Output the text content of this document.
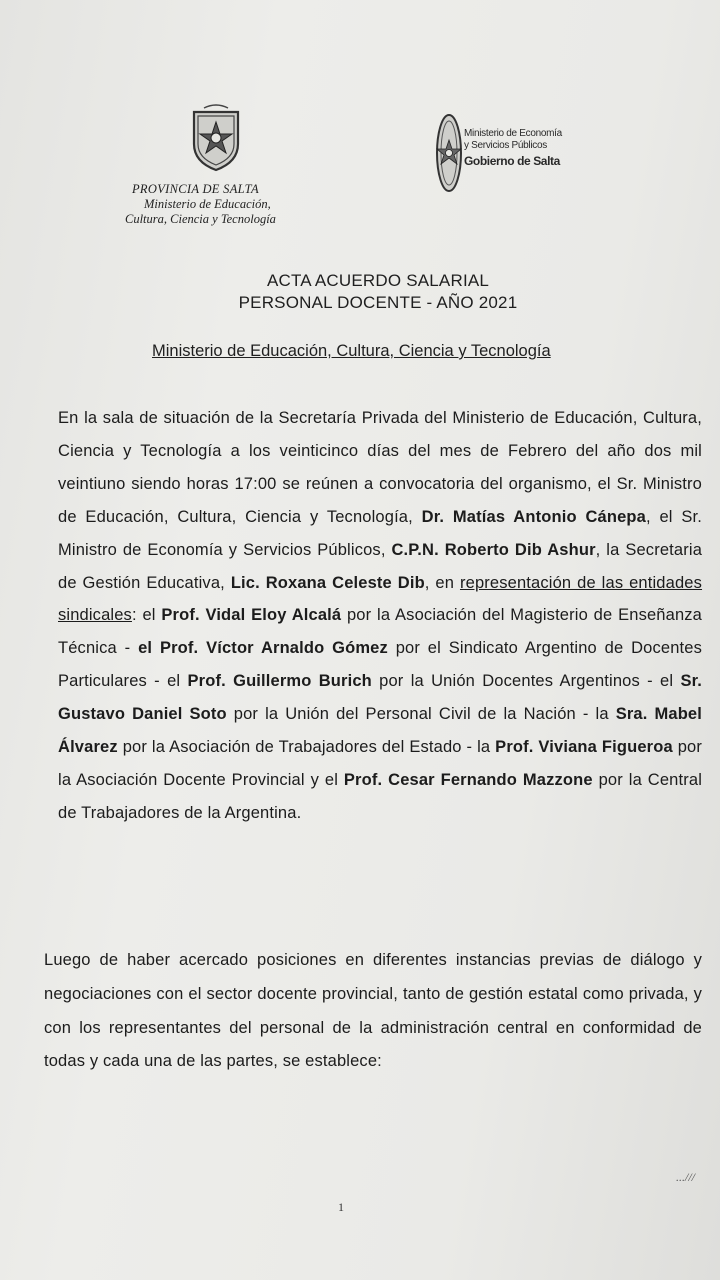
PROVINCIA DE SALTA
Ministerio de Educación,
Cultura, Ciencia y Tecnología
Ministerio de Economía
y Servicios Públicos
Gobierno de Salta
ACTA ACUERDO SALARIAL
PERSONAL DOCENTE - AÑO 2021
Ministerio de Educación, Cultura, Ciencia y Tecnología
En la sala de situación de la Secretaría Privada del Ministerio de Educación, Cultura, Ciencia y Tecnología a los veinticinco días del mes de Febrero del año dos mil veintiuno siendo horas 17:00 se reúnen a convocatoria del organismo, el Sr. Ministro de Educación, Cultura, Ciencia y Tecnología, Dr. Matías Antonio Cánepa, el Sr. Ministro de Economía y Servicios Públicos, C.P.N. Roberto Dib Ashur, la Secretaria de Gestión Educativa, Lic. Roxana Celeste Dib, en representación de las entidades sindicales: el Prof. Vidal Eloy Alcalá por la Asociación del Magisterio de Enseñanza Técnica - el Prof. Víctor Arnaldo Gómez por el Sindicato Argentino de Docentes Particulares - el Prof. Guillermo Burich por la Unión Docentes Argentinos - el Sr. Gustavo Daniel Soto por la Unión del Personal Civil de la Nación - la Sra. Mabel Álvarez por la Asociación de Trabajadores del Estado - la Prof. Viviana Figueroa por la Asociación Docente Provincial y el Prof. Cesar Fernando Mazzone por la Central de Trabajadores de la Argentina.
Luego de haber acercado posiciones en diferentes instancias previas de diálogo y negociaciones con el sector docente provincial, tanto de gestión estatal como privada, y con los representantes del personal de la administración central en conformidad de todas y cada una de las partes, se establece:
...///
1
